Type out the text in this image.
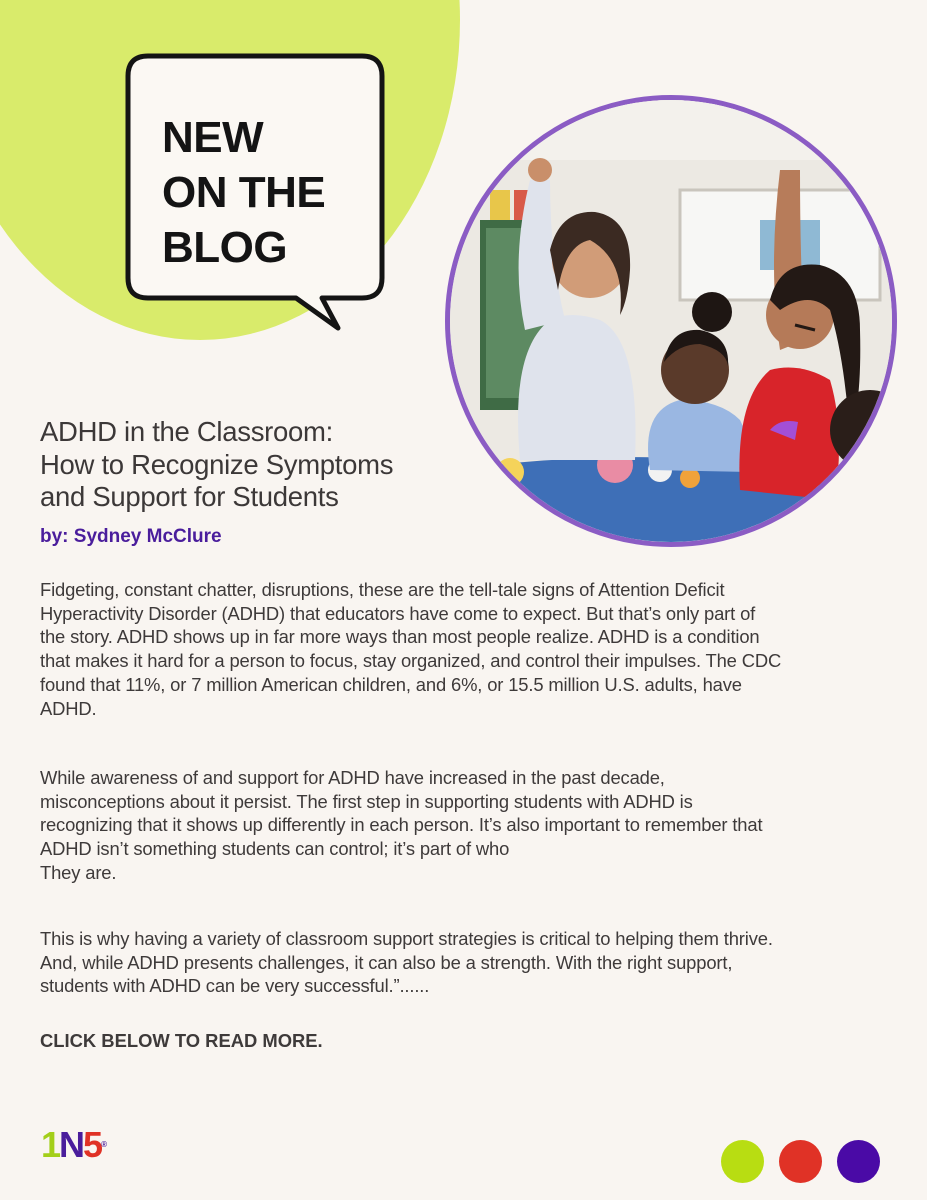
NEW
ON THE
BLOG
ADHD in the Classroom:
How to Recognize Symptoms
and Support for Students
by: Sydney McClure
Fidgeting, constant chatter, disruptions, these are the tell-tale signs of Attention Deficit
Hyperactivity Disorder (ADHD) that educators have come to expect. But that’s only part of
the story. ADHD shows up in far more ways than most people realize. ADHD is a condition
that makes it hard for a person to focus, stay organized, and control their impulses. The CDC
found that 11%, or 7 million American children, and 6%, or 15.5 million U.S. adults, have
ADHD.
While awareness of and support for ADHD have increased in the past decade,
misconceptions about it persist. The first step in supporting students with ADHD is
recognizing that it shows up differently in each person. It’s also important to remember that
ADHD isn’t something students can control; it’s part of who
They are.
This is why having a variety of classroom support strategies is critical to helping them thrive.
And, while ADHD presents challenges, it can also be a strength. With the right support,
students with ADHD can be very successful.”......
CLICK BELOW TO READ MORE.
1N5®
